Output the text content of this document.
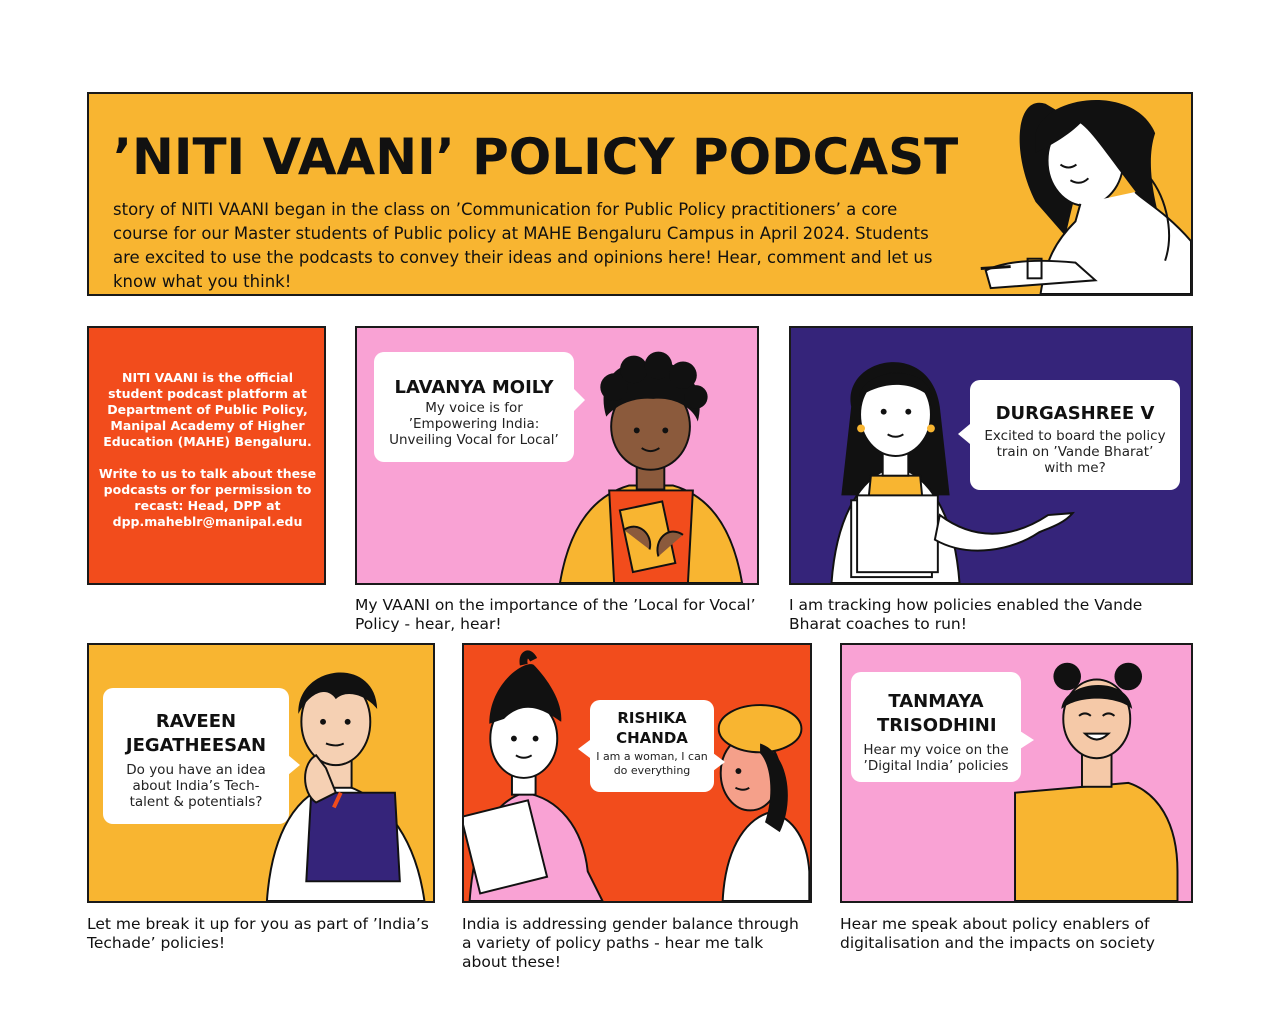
’NITI VAANI’ POLICY PODCAST
story of NITI VAANI began in the class on ’Communication for Public Policy practitioners’ a core course for our Master students of Public policy at MAHE Bengaluru Campus in April 2024. Students are excited to use the podcasts to convey their ideas and opinions here! Hear, comment and let us know what you think!

NITI VAANI is the official student podcast platform at Department of Public Policy, Manipal Academy of Higher Education (MAHE) Bengaluru.

Write to us to talk about these podcasts or for permission to recast: Head, DPP at dpp.maheblr@manipal.edu

LAVANYA MOILY
My voice is for ’Empowering India: Unveiling Vocal for Local’
My VAANI on the importance of the ’Local for Vocal’ Policy - hear, hear!
DURGASHREE V
Excited to board the policy train on ’Vande Bharat’ with me?
I am tracking how policies enabled the Vande Bharat coaches to run!
RAVEEN JEGATHEESAN
Do you have an idea about India’s Tech-talent & potentials?
Let me break it up for you as part of ’India’s Techade’ policies!
RISHIKA CHANDA
I am a woman, I can do everything
India is addressing gender balance through a variety of policy paths - hear me talk about these!
TANMAYA TRISODHINI
Hear my voice on the ’Digital India’ policies
Hear me speak about policy enablers of digitalisation and the impacts on society
